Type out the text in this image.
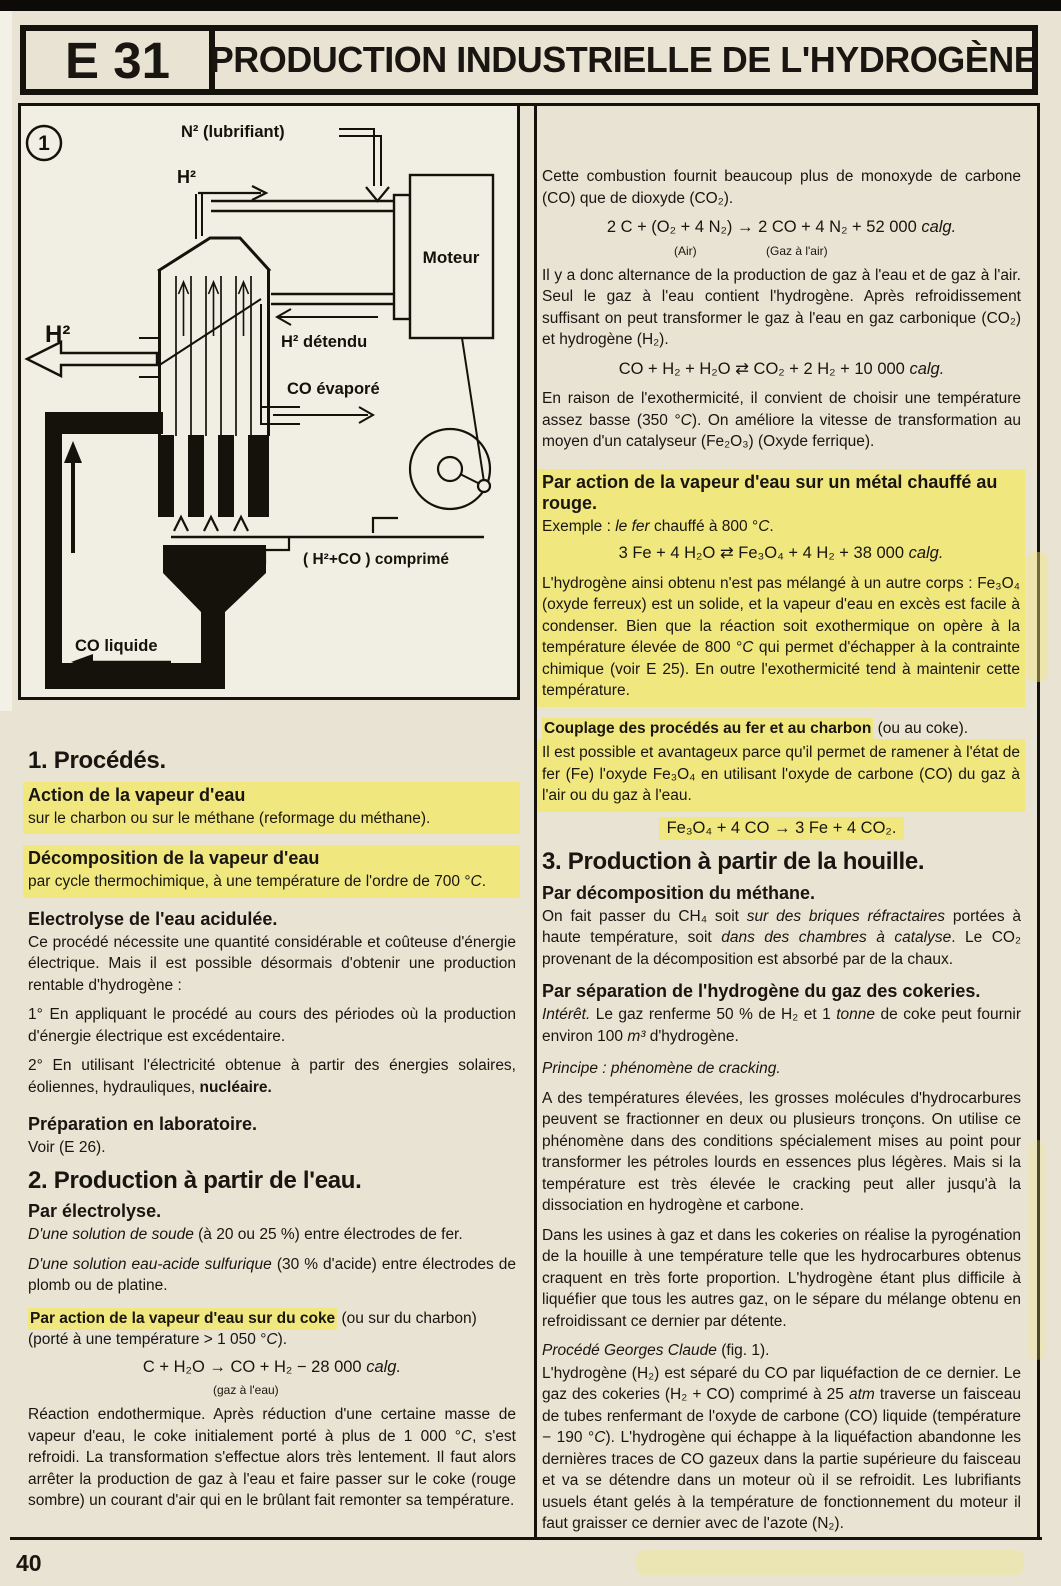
E 31	PRODUCTION INDUSTRIELLE DE L'HYDROGÈNE
1	N² (lubrifiant)
H²
Moteur
H²	H² détendu
CO évaporé
( H²+CO ) comprimé
CO liquide
1. Procédés.
Action de la vapeur d'eau

sur le charbon ou sur le méthane (reformage du méthane).

Décomposition de la vapeur d'eau

par cycle thermochimique, à une température de l'ordre de 700 °C.

Electrolyse de l'eau acidulée.

Ce procédé nécessite une quantité considérable et coûteuse d'énergie électrique. Mais il est possible désormais d'obtenir une production rentable d'hydrogène :

1° En appliquant le procédé au cours des périodes où la production d'énergie électrique est excédentaire.

2° En utilisant l'électricité obtenue à partir des énergies solaires, éoliennes, hydrauliques, nucléaire.

Préparation en laboratoire.

Voir (E 26).

2. Production à partir de l'eau.
Par électrolyse.

D'une solution de soude (à 20 ou 25 %) entre électrodes de fer.

D'une solution eau-acide sulfurique (30 % d'acide) entre électrodes de plomb ou de platine.

Par action de la vapeur d'eau sur du coke (ou sur du charbon)

(porté à une température > 1 050 °C).

C + H₂O → CO + H₂ − 28 000 calg.
(gaz à l'eau)

Réaction endothermique. Après réduction d'une certaine masse de vapeur d'eau, le coke initialement porté à plus de 1 000 °C, s'est refroidi. La transformation s'effectue alors très lentement. Il faut alors arrêter la production de gaz à l'eau et faire passer sur le coke (rouge sombre) un courant d'air qui en le brûlant fait remonter sa température.

Cette combustion fournit beaucoup plus de monoxyde de carbone (CO) que de dioxyde (CO₂).

2 C + (O₂ + 4 N₂) → 2 CO + 4 N₂ + 52 000 calg.
(Air)	(Gaz à l'air)

Il y a donc alternance de la production de gaz à l'eau et de gaz à l'air. Seul le gaz à l'eau contient l'hydrogène. Après refroidissement suffisant on peut transformer le gaz à l'eau en gaz carbonique (CO₂) et hydrogène (H₂).

CO + H₂ + H₂O ⇄ CO₂ + 2 H₂ + 10 000 calg.

En raison de l'exothermicité, il convient de choisir une température assez basse (350 °C). On améliore la vitesse de transformation au moyen d'un catalyseur (Fe₂O₃) (Oxyde ferrique).

Par action de la vapeur d'eau sur un métal chauffé au rouge.

Exemple : le fer chauffé à 800 °C.

3 Fe + 4 H₂O ⇄ Fe₃O₄ + 4 H₂ + 38 000 calg.

L'hydrogène ainsi obtenu n'est pas mélangé à un autre corps : Fe₃O₄ (oxyde ferreux) est un solide, et la vapeur d'eau en excès est facile à condenser. Bien que la réaction soit exothermique on opère à la température élevée de 800 °C qui permet d'échapper à la contrainte chimique (voir E 25). En outre l'exothermicité tend à maintenir cette température.

Couplage des procédés au fer et au charbon (ou au coke).

Il est possible et avantageux parce qu'il permet de ramener à l'état de fer (Fe) l'oxyde Fe₃O₄ en utilisant l'oxyde de carbone (CO) du gaz à l'air ou du gaz à l'eau.

Fe₃O₄ + 4 CO → 3 Fe + 4 CO₂.
3. Production à partir de la houille.
Par décomposition du méthane.

On fait passer du CH₄ soit sur des briques réfractaires portées à haute température, soit dans des chambres à catalyse. Le CO₂ provenant de la décomposition est absorbé par de la chaux.

Par séparation de l'hydrogène du gaz des cokeries.

Intérêt. Le gaz renferme 50 % de H₂ et 1 tonne de coke peut fournir environ 100 m³ d'hydrogène.

Principe : phénomène de cracking.

A des températures élevées, les grosses molécules d'hydrocarbures peuvent se fractionner en deux ou plusieurs tronçons. On utilise ce phénomène dans des conditions spécialement mises au point pour transformer les pétroles lourds en essences plus légères. Mais si la température est très élevée le cracking peut aller jusqu'à la dissociation en hydrogène et carbone.

Dans les usines à gaz et dans les cokeries on réalise la pyrogénation de la houille à une température telle que les hydrocarbures obtenus craquent en très forte proportion. L'hydrogène étant plus difficile à liquéfier que tous les autres gaz, on le sépare du mélange obtenu en refroidissant ce dernier par détente.

Procédé Georges Claude (fig. 1).

L'hydrogène (H₂) est séparé du CO par liquéfaction de ce dernier. Le gaz des cokeries (H₂ + CO) comprimé à 25 atm traverse un faisceau de tubes renfermant de l'oxyde de carbone (CO) liquide (température − 190 °C). L'hydrogène qui échappe à la liquéfaction abandonne les dernières traces de CO gazeux dans la partie supérieure du faisceau et va se détendre dans un moteur où il se refroidit. Les lubrifiants usuels étant gelés à la température de fonctionnement du moteur il faut graisser ce dernier avec de l'azote (N₂).

40
